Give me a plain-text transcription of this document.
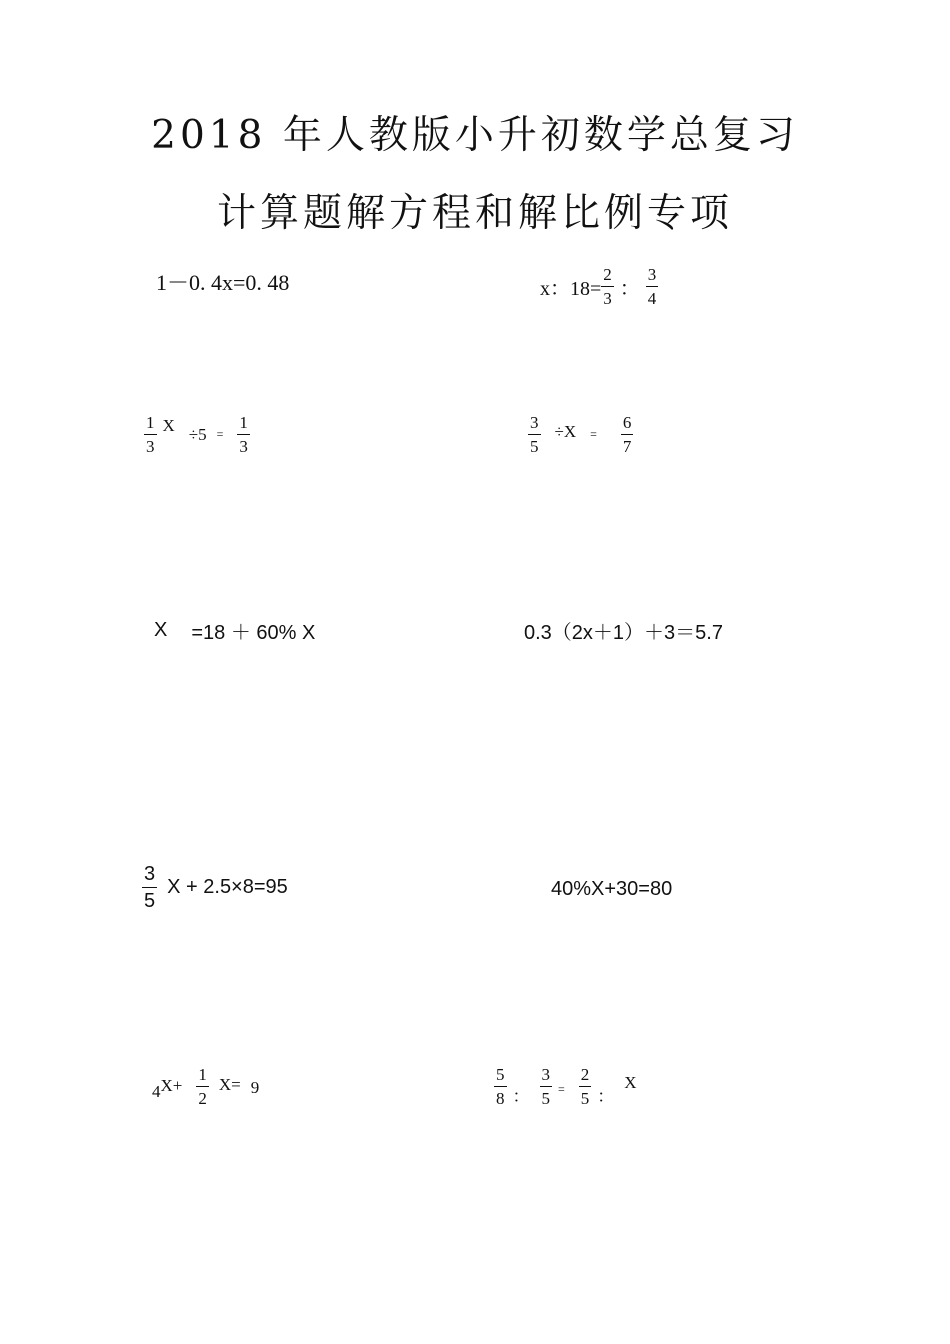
2018 年人教版小升初数学总复习
计算题解方程和解比例专项
1－0. 4x=0. 48	x：$18= \frac{2}{3}$ ： $\frac{3}{4}$
$\frac{1}{3}$ $X \div 5 = \frac{1}{3}$	$\frac{3}{5} \div X = \frac{6}{7}$
X =18 ＋ 60% X	0.3（2x＋1）＋3＝5.7
$\frac{3}{5}$ X + 2.5×8=95	40%X+30=80
4 $X+ \frac{1}{2} X= 9$	$\frac{5}{8}$ ： $\frac{3}{5} = \frac{2}{5}$ ：
X
